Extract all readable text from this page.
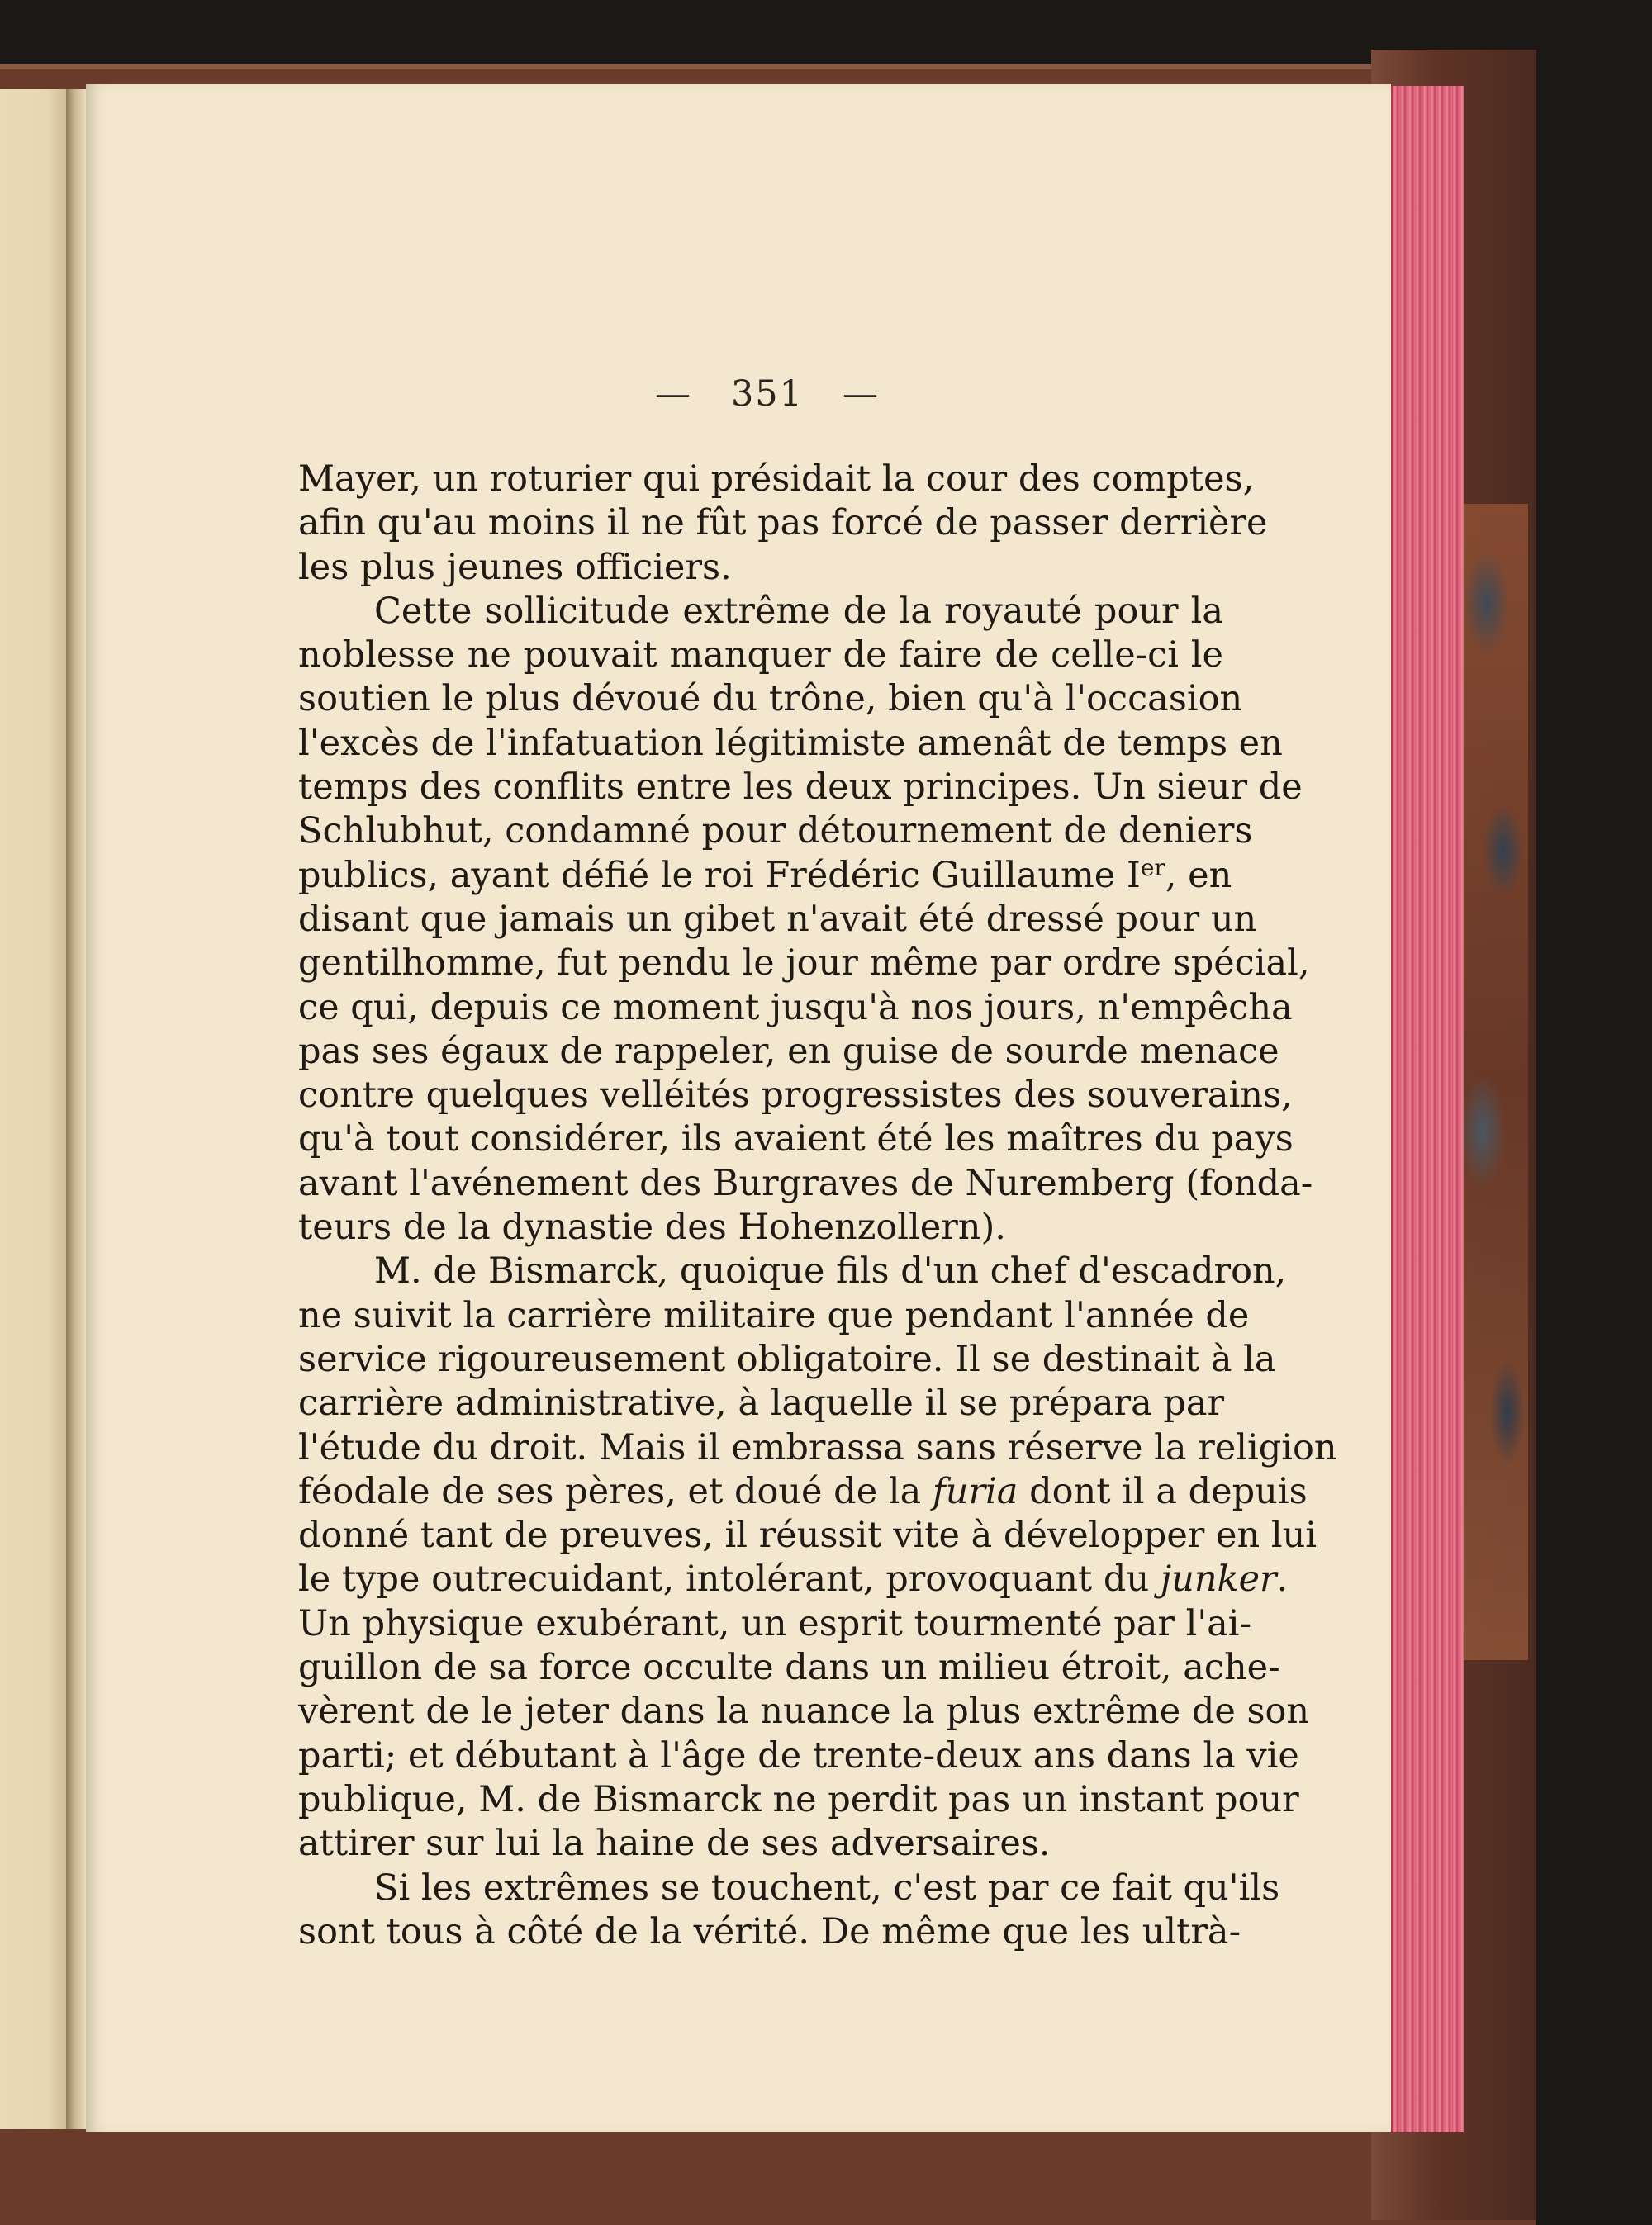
— 351 —
Mayer, un roturier qui présidait la cour des comptes,
afin qu'au moins il ne fût pas forcé de passer derrière
les plus jeunes officiers.
Cette sollicitude extrême de la royauté pour la
noblesse ne pouvait manquer de faire de celle-ci le
soutien le plus dévoué du trône, bien qu'à l'occasion
l'excès de l'infatuation légitimiste amenât de temps en
temps des conflits entre les deux principes. Un sieur de
Schlubhut, condamné pour détournement de deniers
publics, ayant défié le roi Frédéric Guillaume Ier, en
disant que jamais un gibet n'avait été dressé pour un
gentilhomme, fut pendu le jour même par ordre spécial,
ce qui, depuis ce moment jusqu'à nos jours, n'empêcha
pas ses égaux de rappeler, en guise de sourde menace
contre quelques velléités progressistes des souverains,
qu'à tout considérer, ils avaient été les maîtres du pays
avant l'avénement des Burgraves de Nuremberg (fonda-
teurs de la dynastie des Hohenzollern).
M. de Bismarck, quoique fils d'un chef d'escadron,
ne suivit la carrière militaire que pendant l'année de
service rigoureusement obligatoire. Il se destinait à la
carrière administrative, à laquelle il se prépara par
l'étude du droit. Mais il embrassa sans réserve la religion
féodale de ses pères, et doué de la furia dont il a depuis
donné tant de preuves, il réussit vite à développer en lui
le type outrecuidant, intolérant, provoquant du junker.
Un physique exubérant, un esprit tourmenté par l'ai-
guillon de sa force occulte dans un milieu étroit, ache-
vèrent de le jeter dans la nuance la plus extrême de son
parti; et débutant à l'âge de trente-deux ans dans la vie
publique, M. de Bismarck ne perdit pas un instant pour
attirer sur lui la haine de ses adversaires.
Si les extrêmes se touchent, c'est par ce fait qu'ils
sont tous à côté de la vérité. De même que les ultrà-
